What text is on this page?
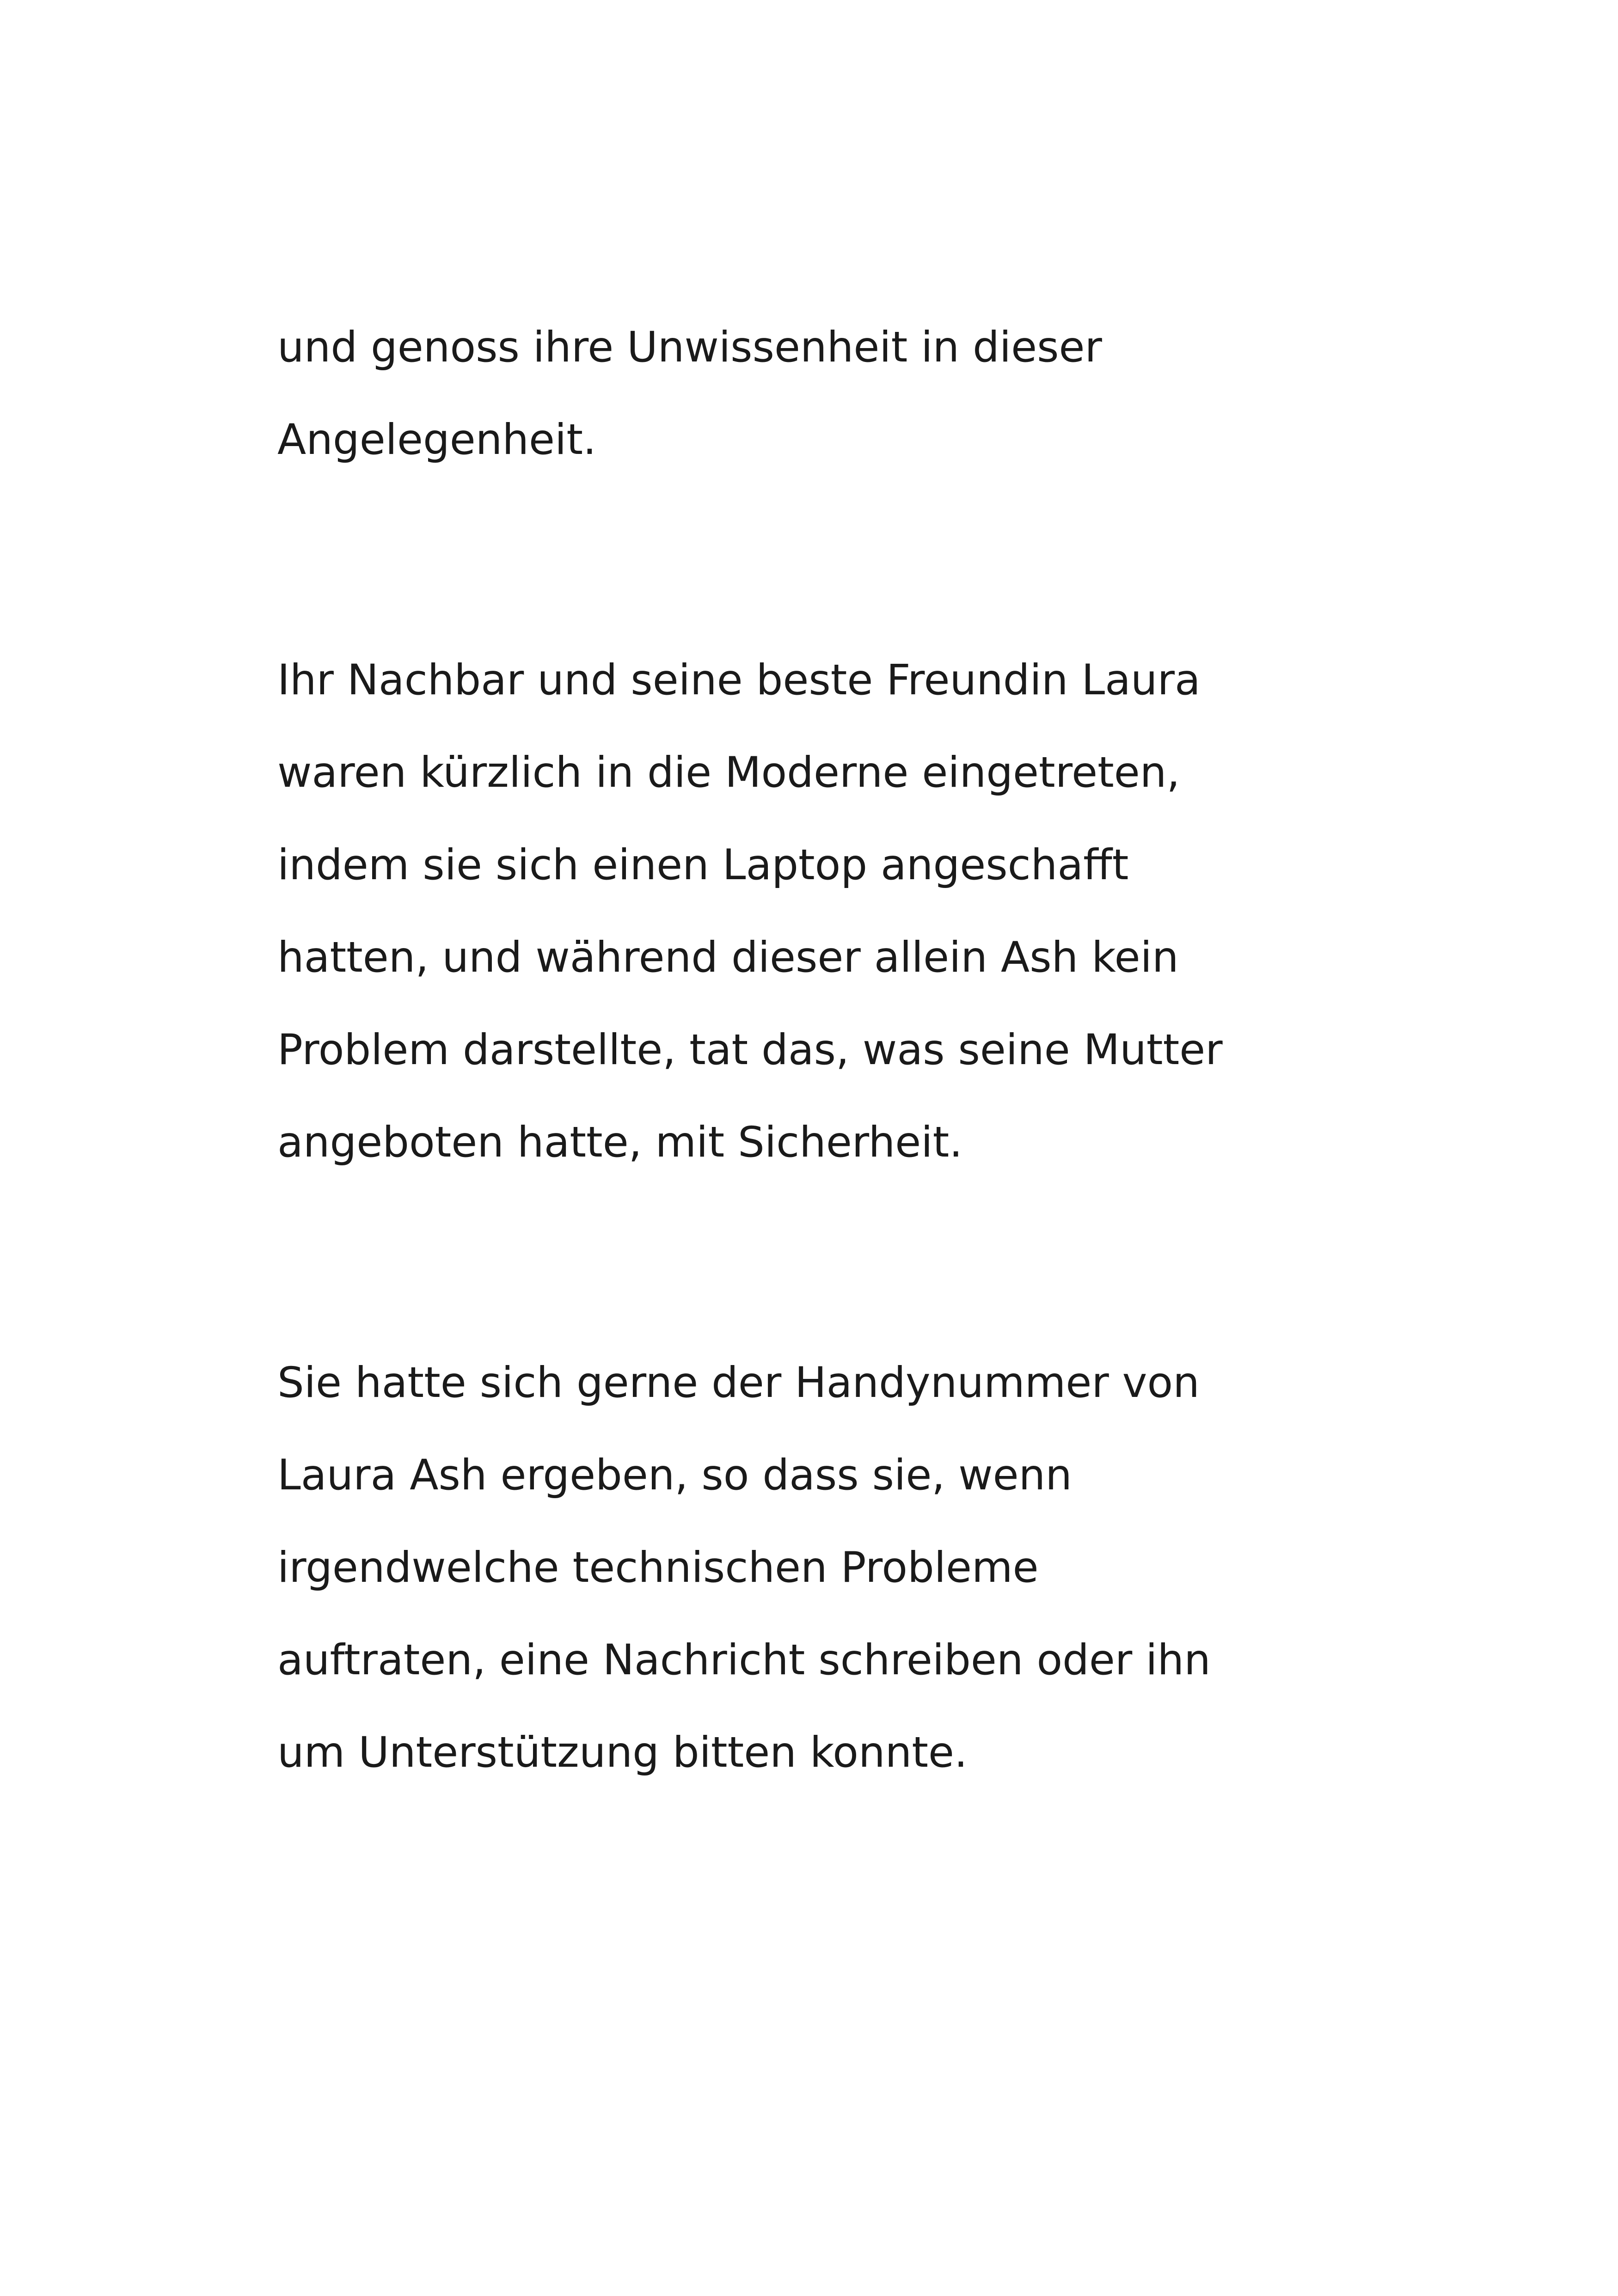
und genoss ihre Unwissenheit in dieser
Angelegenheit.

Ihr Nachbar und seine beste Freundin Laura
waren kürzlich in die Moderne eingetreten,
indem sie sich einen Laptop angeschafft
hatten, und während dieser allein Ash kein
Problem darstellte, tat das, was seine Mutter
angeboten hatte, mit Sicherheit.

Sie hatte sich gerne der Handynummer von
Laura Ash ergeben, so dass sie, wenn
irgendwelche technischen Probleme
auftraten, eine Nachricht schreiben oder ihn
um Unterstützung bitten konnte.
